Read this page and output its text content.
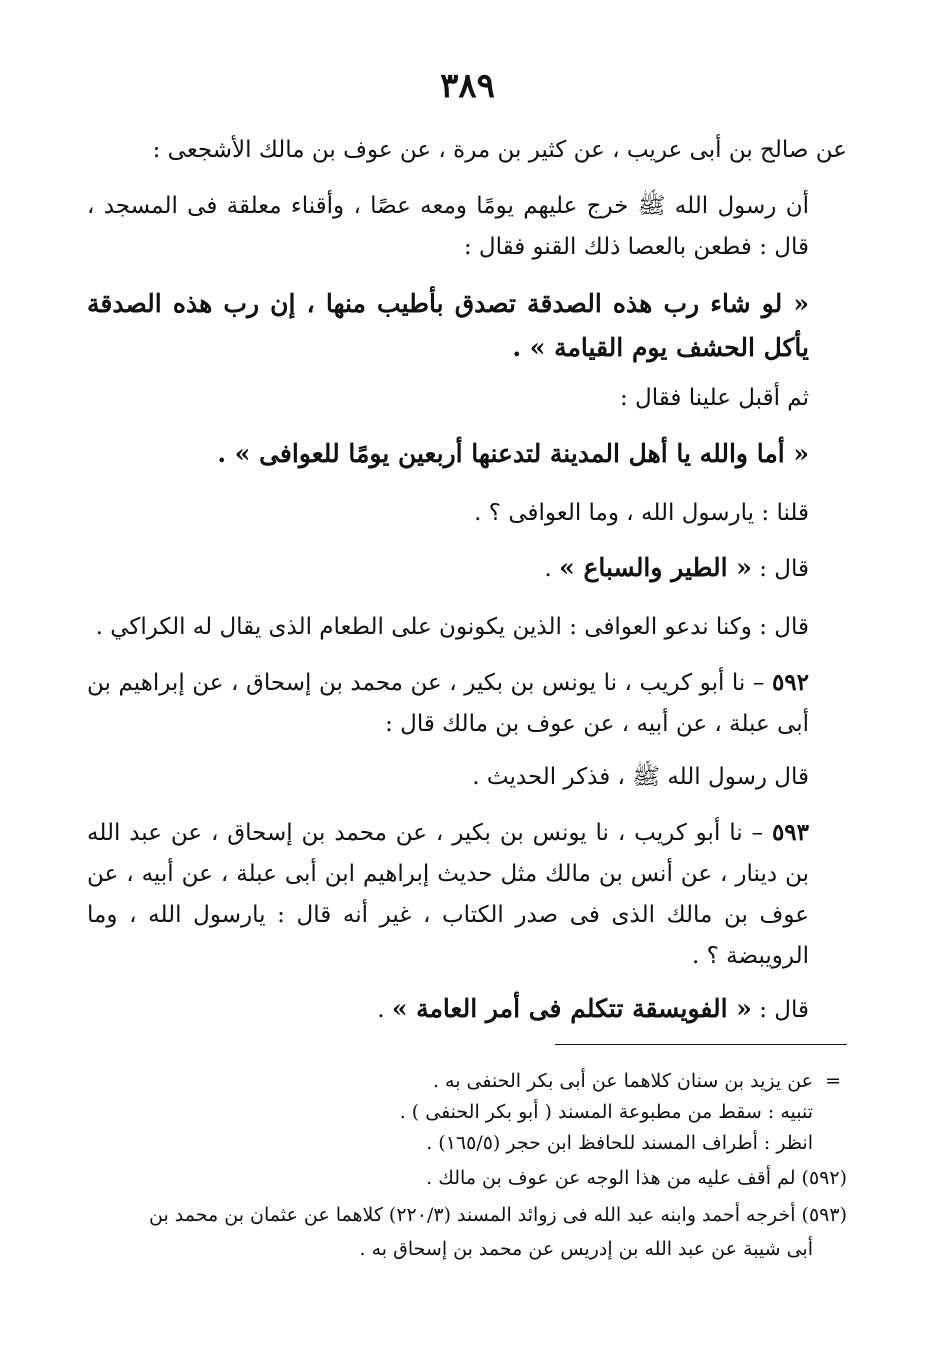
٣٨٩
عن صالح بن أبى عريب ، عن كثير بن مرة ، عن عوف بن مالك الأشجعى :
أن رسول الله ﷺ خرج عليهم يومًا ومعه عصًا ، وأقناء معلقة فى المسجد ، قال : فطعن بالعصا ذلك القنو فقال :
« لو شاء رب هذه الصدقة تصدق بأطيب منها ، إن رب هذه الصدقة يأكل الحشف يوم القيامة » .
ثم أقبل علينا فقال :
« أما والله يا أهل المدينة لتدعنها أربعين يومًا للعوافى » .
قلنا : يارسول الله ، وما العوافى ؟ .
قال : « الطير والسباع » .
قال : وكنا ندعو العوافى : الذين يكونون على الطعام الذى يقال له الكراكي .
٥٩٢ – نا أبو كريب ، نا يونس بن بكير ، عن محمد بن إسحاق ، عن إبراهيم بن أبى عبلة ، عن أبيه ، عن عوف بن مالك قال :
قال رسول الله ﷺ ، فذكر الحديث .
٥٩٣ – نا أبو كريب ، نا يونس بن بكير ، عن محمد بن إسحاق ، عن عبد الله بن دينار ، عن أنس بن مالك مثل حديث إبراهيم ابن أبى عبلة ، عن أبيه ، عن عوف بن مالك الذى فى صدر الكتاب ، غير أنه قال : يارسول الله ، وما الرويبضة ؟ .
قال : « الفويسقة تتكلم فى أمر العامة » .
=
عن يزيد بن سنان كلاهما عن أبى بكر الحنفى به .
تنبيه : سقط من مطبوعة المسند ( أبو بكر الحنفى ) .
انظر : أطراف المسند للحافظ ابن حجر (١٦٥/٥) .
(٥٩٢) لم أقف عليه من هذا الوجه عن عوف بن مالك .
(٥٩٣) أخرجه أحمد وابنه عبد الله فى زوائد المسند (٢٢٠/٣) كلاهما عن عثمان بن محمد بن
أبى شيبة عن عبد الله بن إدريس عن محمد بن إسحاق به .
